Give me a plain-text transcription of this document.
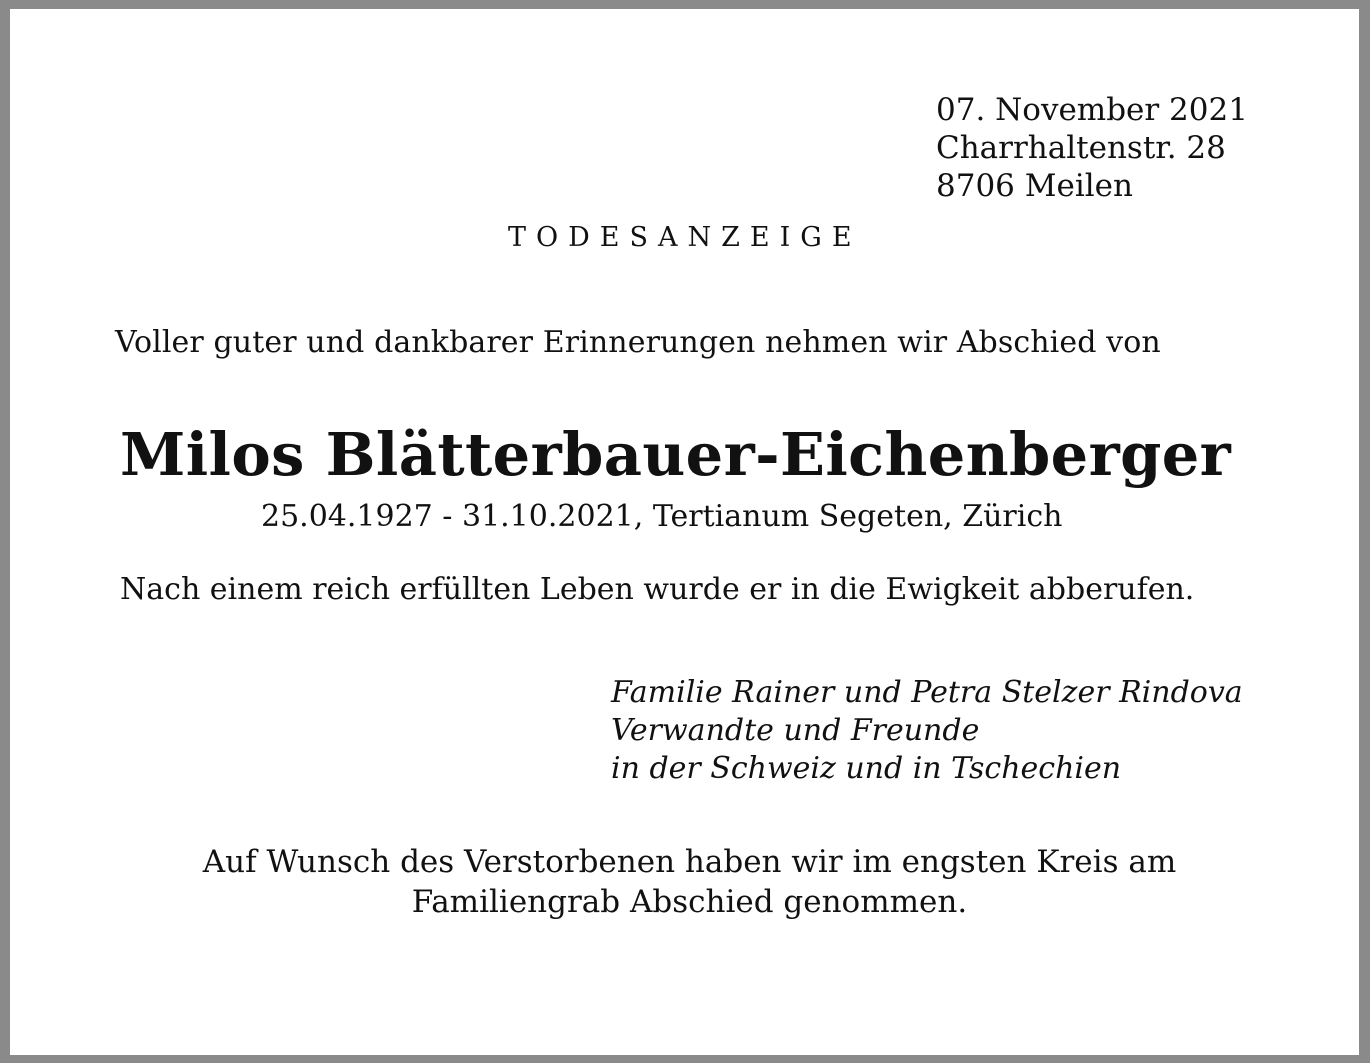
07. November 2021
Charrhaltenstr. 28
8706 Meilen
TODESANZEIGE
Voller guter und dankbarer Erinnerungen nehmen wir Abschied von
Milos Blätterbauer-Eichenberger
25.04.1927 - 31.10.2021, Tertianum Segeten, Zürich
Nach einem reich erfüllten Leben wurde er in die Ewigkeit abberufen.
Familie Rainer und Petra Stelzer Rindova
Verwandte und Freunde
in der Schweiz und in Tschechien
Auf Wunsch des Verstorbenen haben wir im engsten Kreis am
Familiengrab Abschied genommen.
